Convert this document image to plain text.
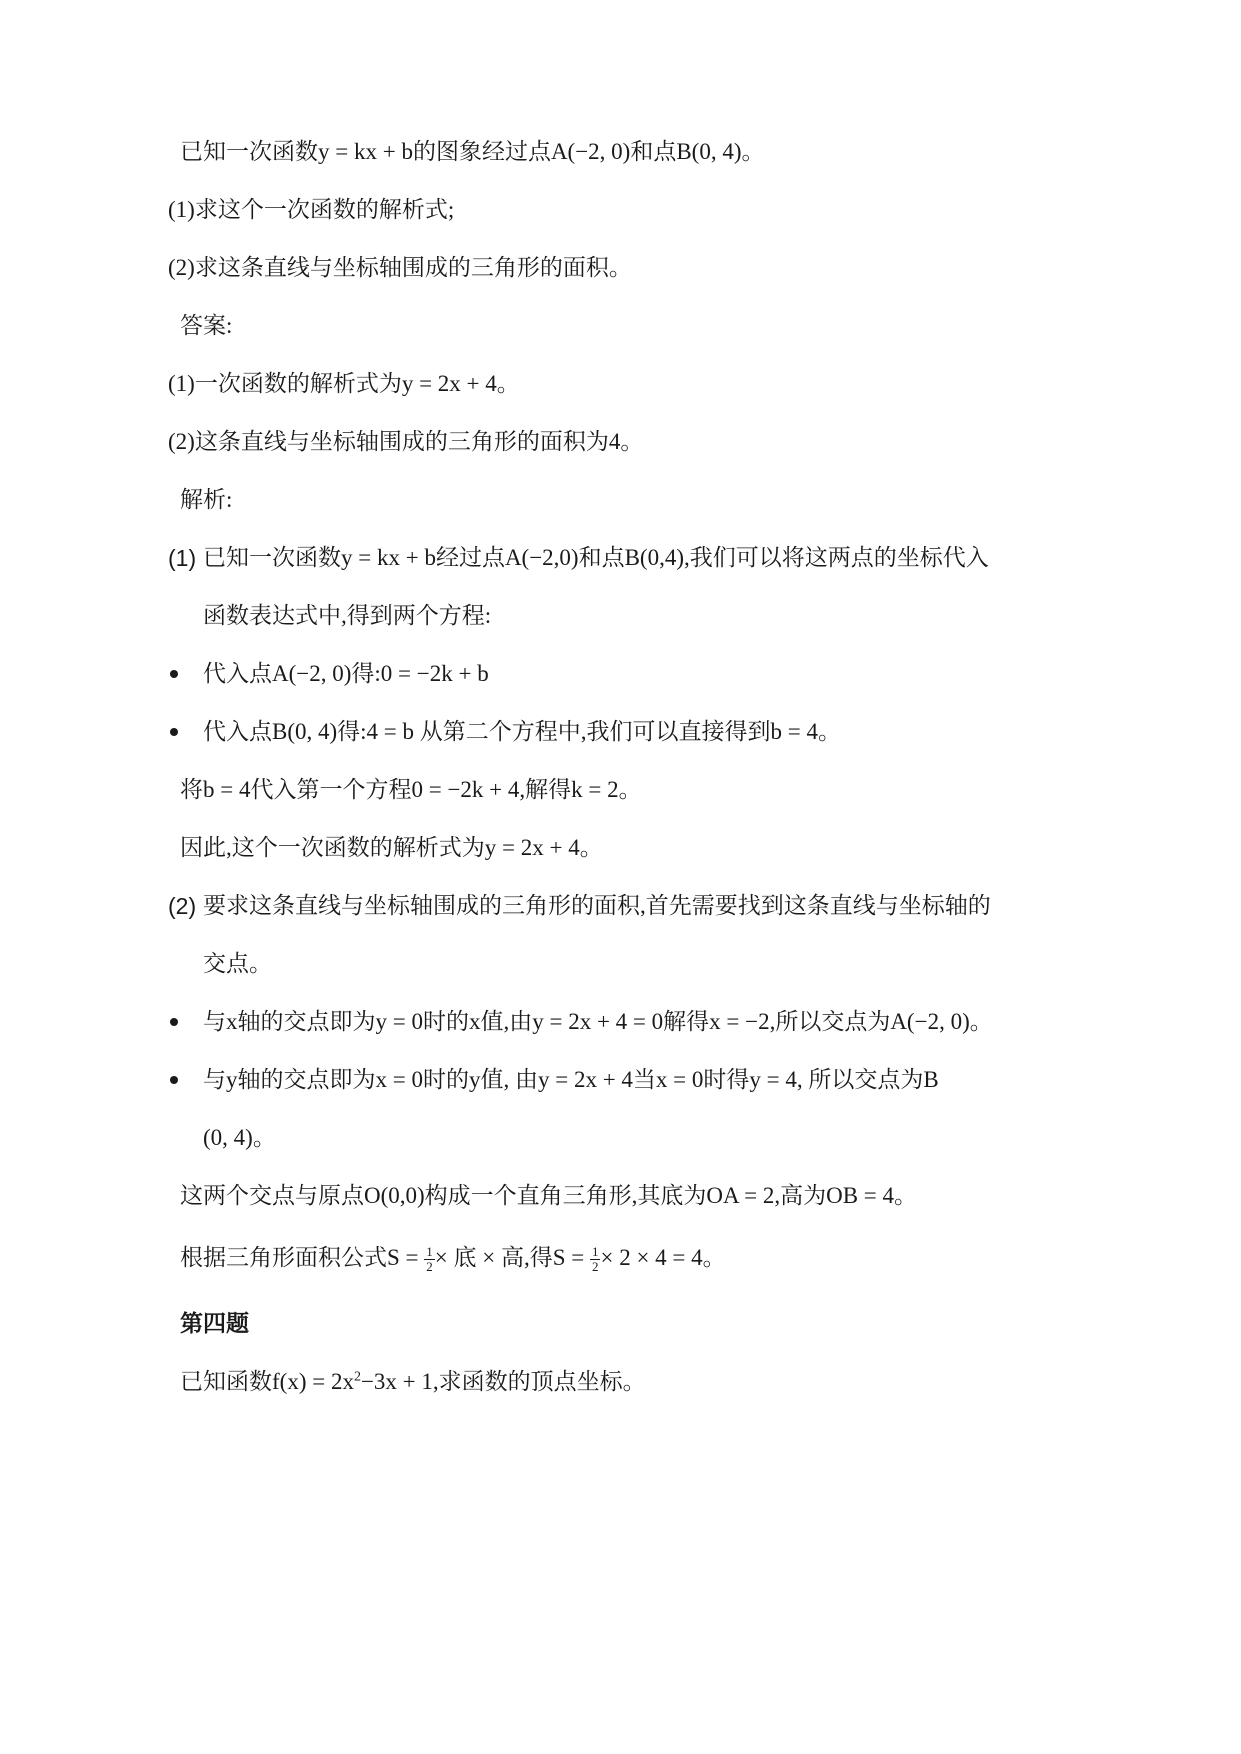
已知一次函数y = kx + b的图象经过点A(−2, 0)和点B(0, 4)。
(1)求这个一次函数的解析式;
(2)求这条直线与坐标轴围成的三角形的面积。
答案:
(1)一次函数的解析式为y = 2x + 4。
(2)这条直线与坐标轴围成的三角形的面积为4。
解析:
(1) 已知一次函数y = kx + b经过点A(−2,0)和点B(0,4),我们可以将这两点的坐标代入
函数表达式中,得到两个方程:
代入点A(−2, 0)得:0 = −2k + b
代入点B(0, 4)得:4 = b 从第二个方程中,我们可以直接得到b = 4。
将b = 4代入第一个方程0 = −2k + 4,解得k = 2。
因此,这个一次函数的解析式为y = 2x + 4。
(2) 要求这条直线与坐标轴围成的三角形的面积,首先需要找到这条直线与坐标轴的
交点。
与x轴的交点即为y = 0时的x值,由y = 2x + 4 = 0解得x = −2,所以交点为A(−2, 0)。
与y轴的交点即为x = 0时的y值, 由y = 2x + 4当x = 0时得y = 4, 所以交点为B
(0, 4)。
这两个交点与原点O(0,0)构成一个直角三角形,其底为OA = 2,高为OB = 4。
根据三角形面积公式$S = \frac{1}{2}$ × 底 × 高,得$S = \frac{1}{2} \times 2 \times 4 = 4$。
第四题
已知函数$f(x) = 2x^2-3x + 1$,求函数的顶点坐标。
